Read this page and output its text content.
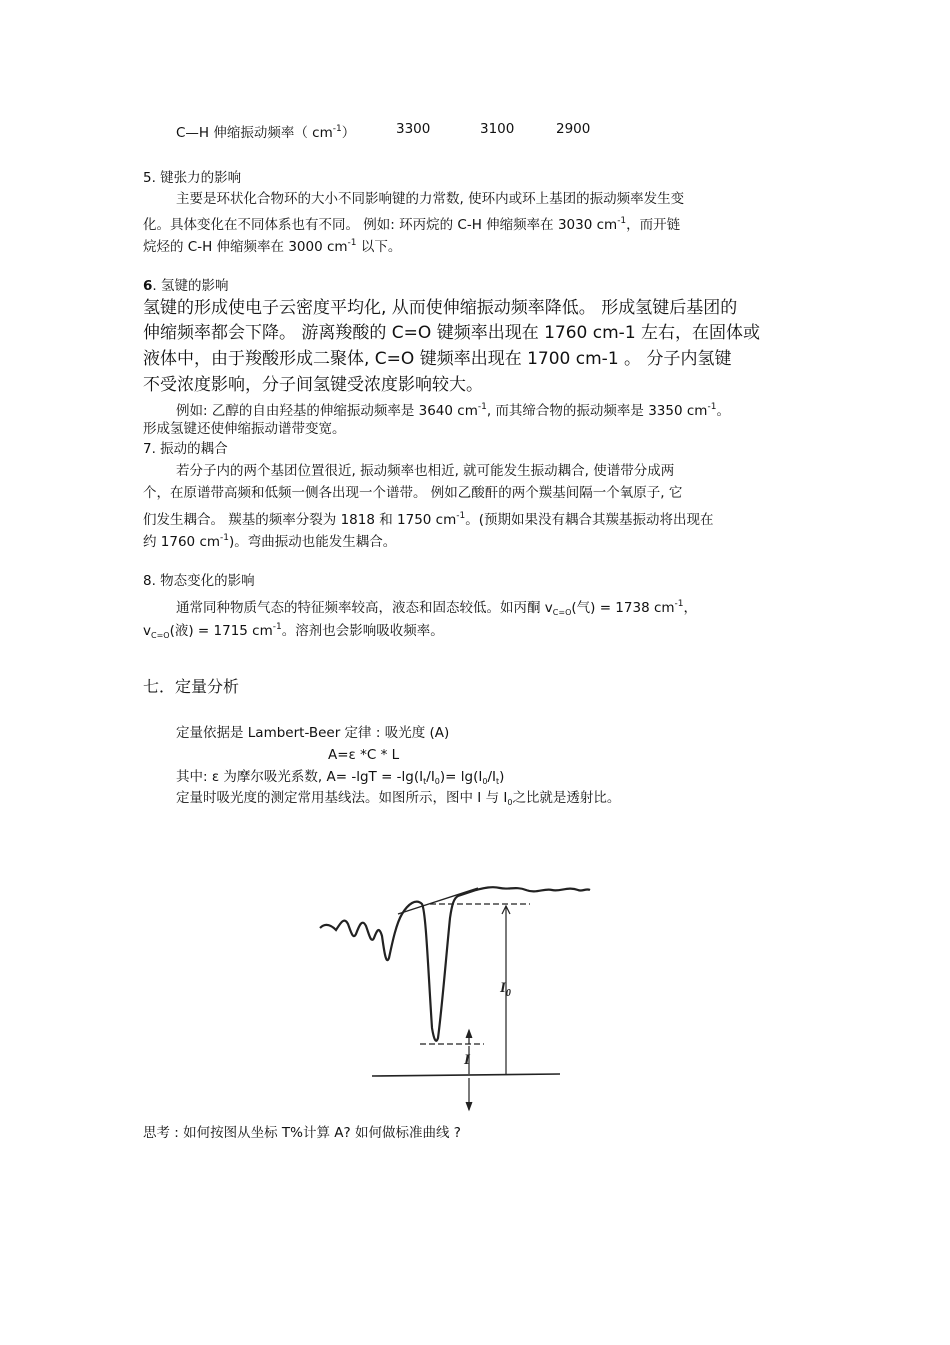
C—H 伸缩振动频率（ $cm^{-1}$）	3300	3100	2900
5. 键张力的影响
主要是环状化合物环的大小不同影响键的力常数, 使环内或环上基团的振动频率发生变
化。具体变化在不同体系也有不同。 例如: 环丙烷的 C-H 伸缩频率在 3030 $cm^{-1}$，而开链
烷烃的 C-H 伸缩频率在 3000 $cm^{-1}$ 以下。
6. 氢键的影响
氢键的形成使电子云密度平均化, 从而使伸缩振动频率降低。 形成氢键后基团的
伸缩频率都会下降。 游离羧酸的 C=O 键频率出现在 1760 cm-1 左右，在固体或
液体中，由于羧酸形成二聚体, C=O 键频率出现在 1700 cm-1 。 分子内氢键
不受浓度影响，分子间氢键受浓度影响较大。
例如: 乙醇的自由羟基的伸缩振动频率是 3640 $cm^{-1}$, 而其缔合物的振动频率是 3350 $cm^{-1}$。
形成氢键还使伸缩振动谱带变宽。
7. 振动的耦合
若分子内的两个基团位置很近, 振动频率也相近, 就可能发生振动耦合, 使谱带分成两
个，在原谱带高频和低频一侧各出现一个谱带。 例如乙酸酐的两个羰基间隔一个氧原子, 它
们发生耦合。 羰基的频率分裂为 1818 和 1750 $cm^{-1}$。(预期如果没有耦合其羰基振动将出现在
约 1760 $cm^{-1}$)。弯曲振动也能发生耦合。
8. 物态变化的影响
通常同种物质气态的特征频率较高，液态和固态较低。如丙酮 $v_{C=O}$(气) = 1738 $cm^{-1}$，
$v_{C=O}$(液) = 1715 $cm^{-1}$。溶剂也会影响吸收频率。
七．定量分析
定量依据是 Lambert-Beer 定律 : 吸光度 (A)
A=ε *C * L
其中: ε 为摩尔吸光系数, $A= -\lg T = -\lg(I_t/I_0)= \lg(I_0/I_t)$
定量时吸光度的测定常用基线法。如图所示，图中 I 与 $I_0$之比就是透射比。
$I_0$
I
思考 : 如何按图从坐标 T%计算 A? 如何做标准曲线 ?
